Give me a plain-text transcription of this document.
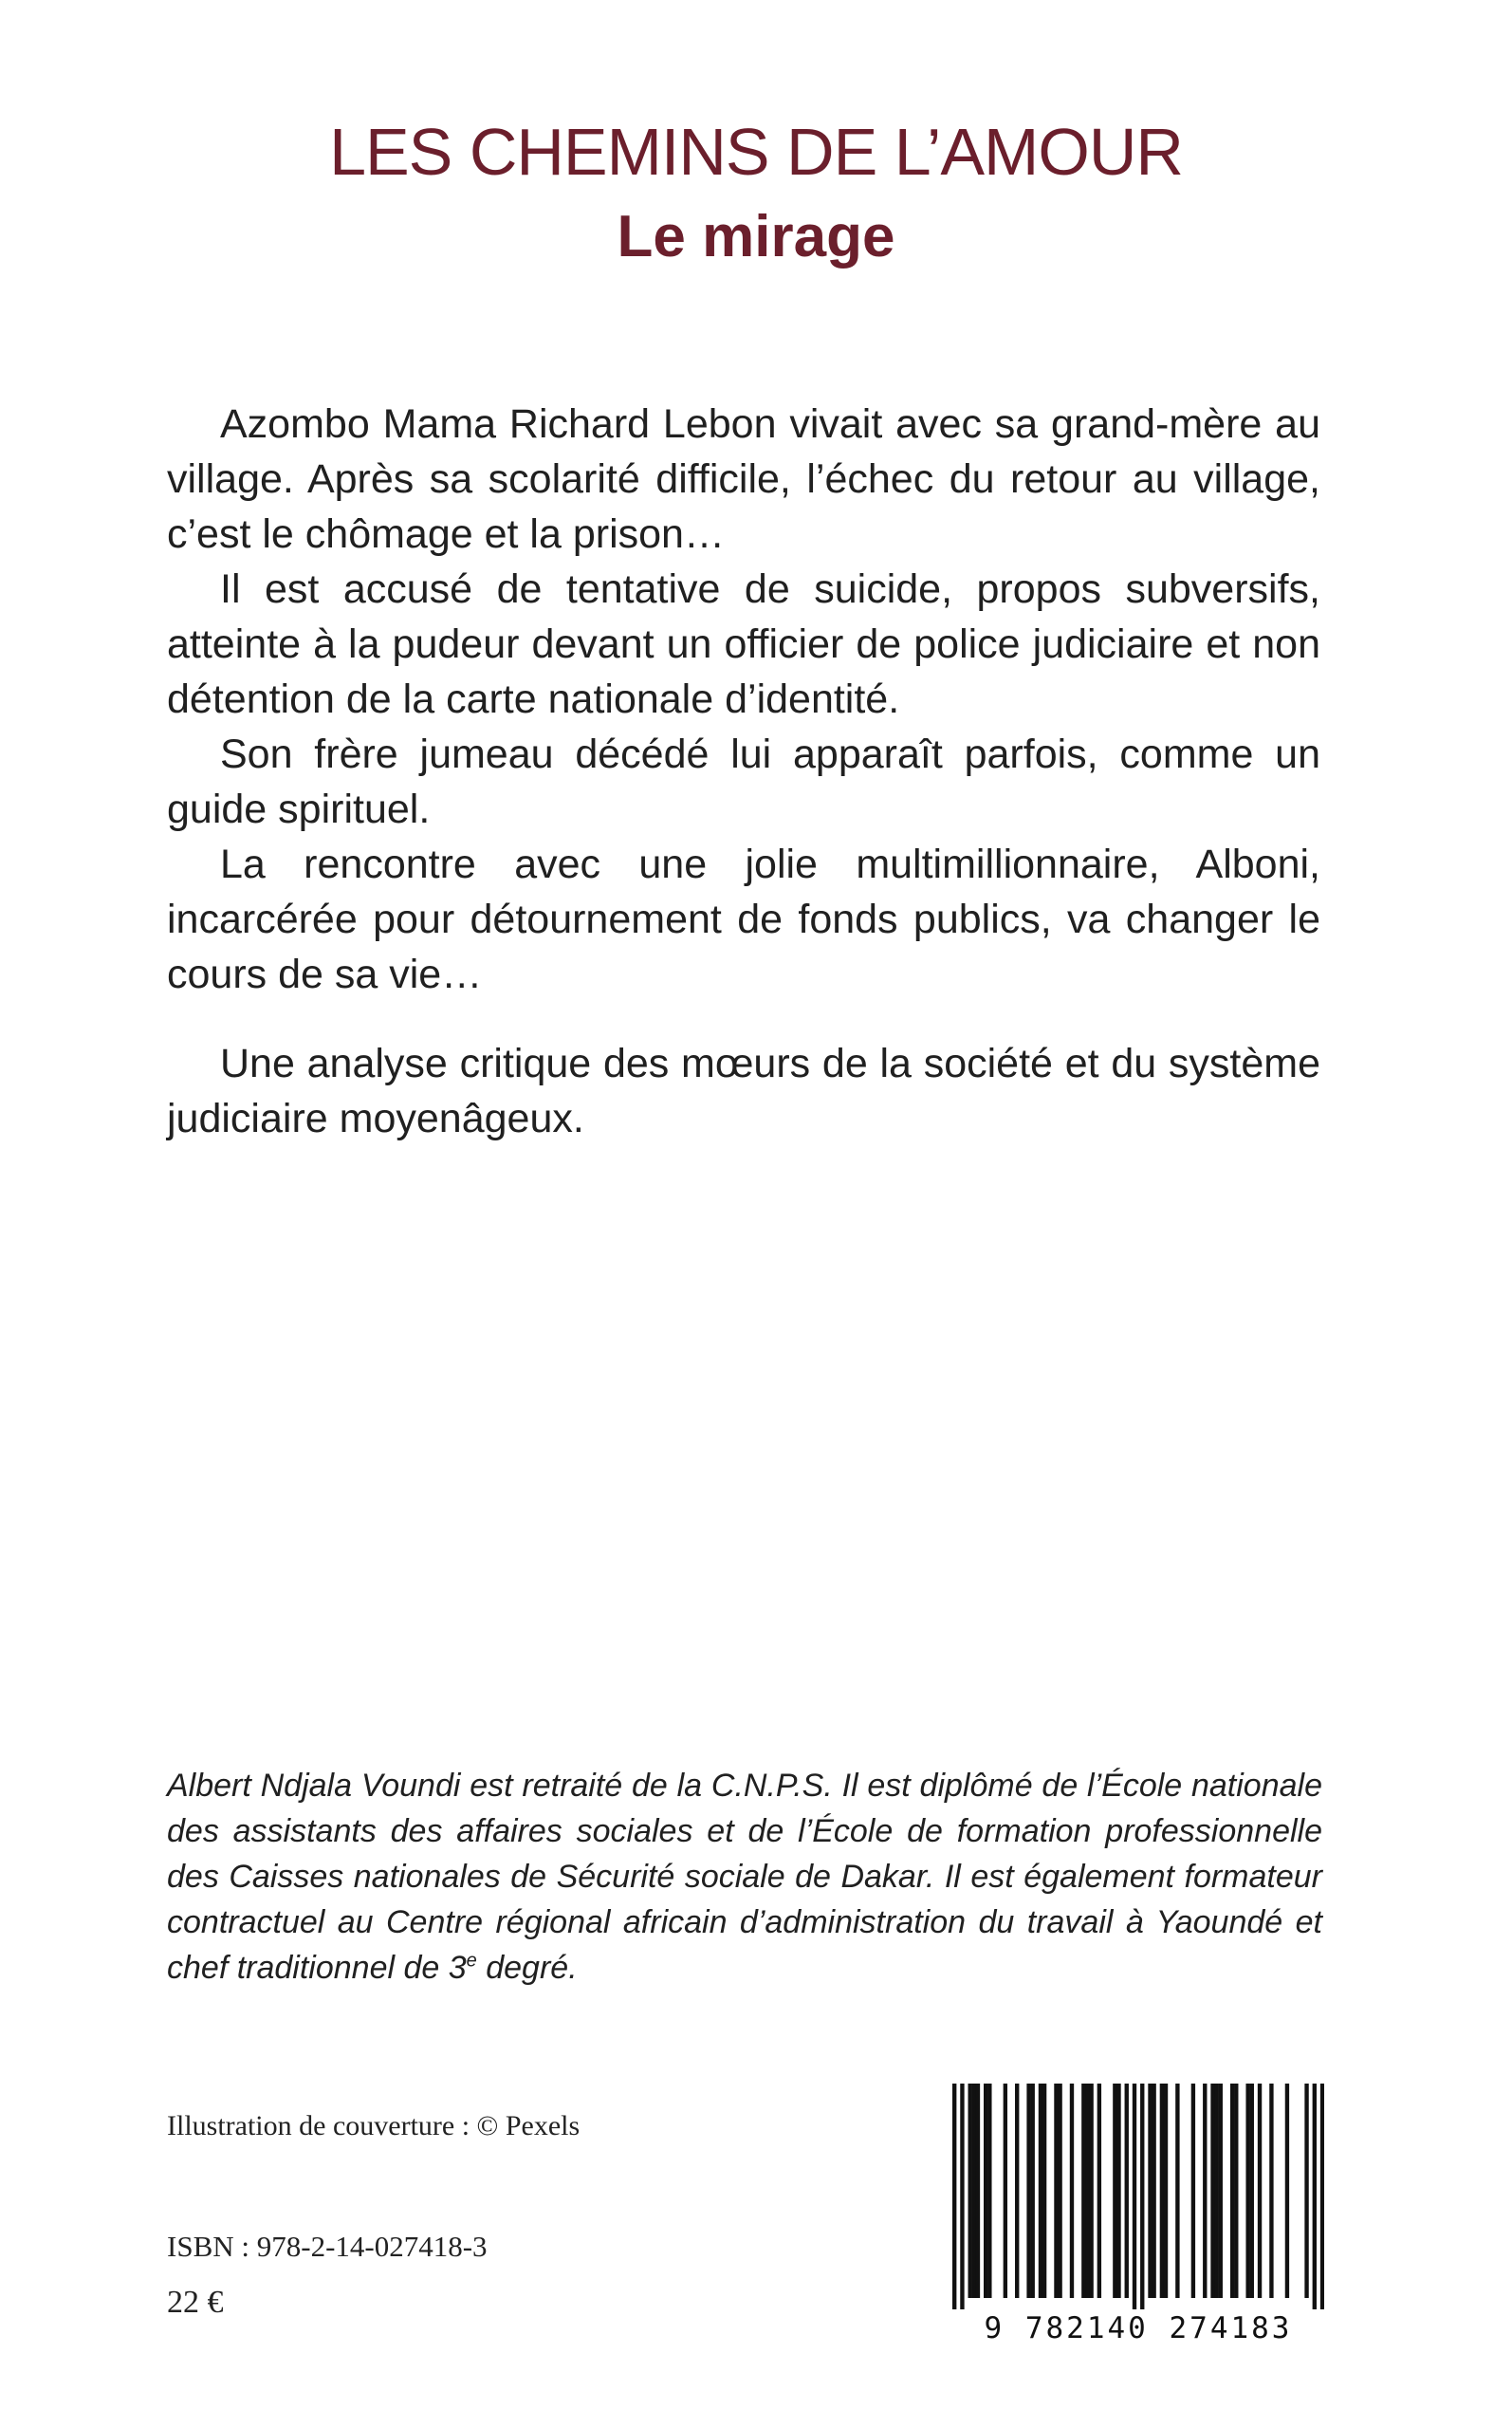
LES CHEMINS DE L’AMOUR
Le mirage

Azombo Mama Richard Lebon vivait avec sa grand-mère au village. Après sa scolarité difficile, l’échec du retour au village, c’est le chômage et la prison…

Il est accusé de tentative de suicide, propos subversifs, atteinte à la pudeur devant un officier de police judiciaire et non détention de la carte nationale d’identité.

Son frère jumeau décédé lui apparaît parfois, comme un guide spirituel.

La rencontre avec une jolie multimillionnaire, Alboni, incarcérée pour détournement de fonds publics, va changer le cours de sa vie…

Une analyse critique des mœurs de la société et du système judiciaire moyenâgeux.

Albert Ndjala Voundi est retraité de la C.N.P.S. Il est diplômé de l’École nationale des assistants des affaires sociales et de l’École de formation professionnelle des Caisses nationales de Sécurité sociale de Dakar. Il est également formateur contractuel au Centre régional africain d’administration du travail à Yaoundé et chef traditionnel de 3e degré.

Illustration de couverture : © Pexels

ISBN : 978-2-14-027418-3

22 €

9 782140 274183
